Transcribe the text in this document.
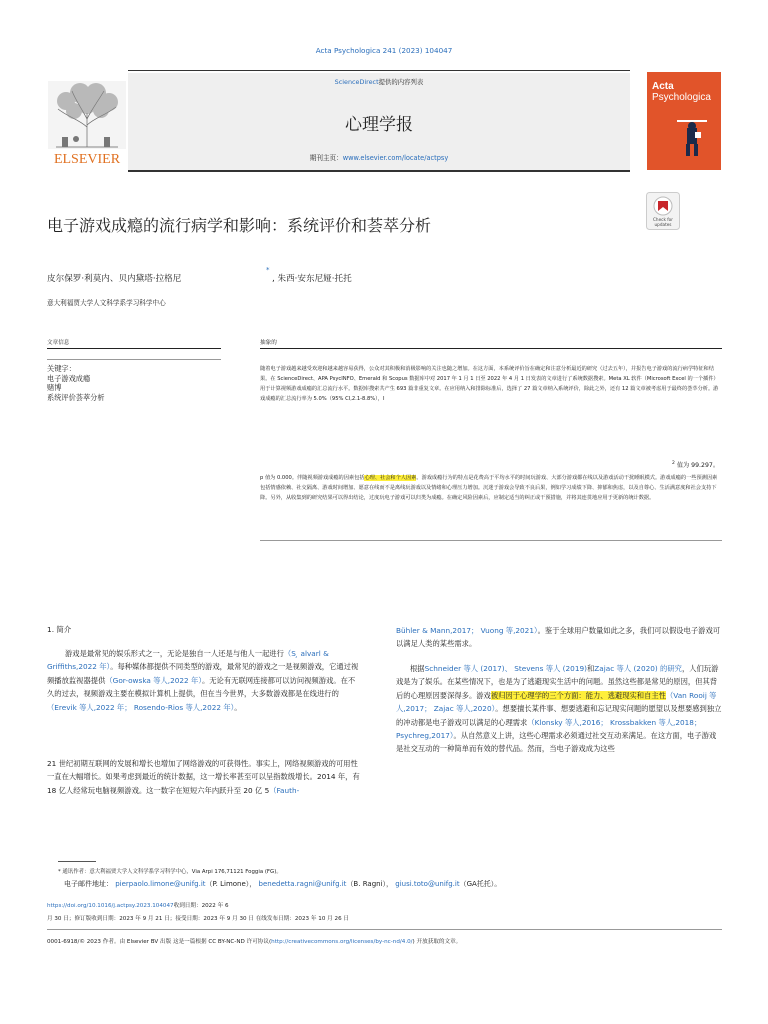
Acta Psychologica 241 (2023) 104047
ScienceDirect提供的内容列表
心理学报
期刊主页：www.elsevier.com/locate/actpsy
ELSEVIER
Acta
Psychologica
Check for
updates
电子游戏成瘾的流行病学和影响：系统评价和荟萃分析
皮尔保罗·利莫内、贝内黛塔·拉格尼
*
, 朱西·安东尼娅·托托
意大利福贾大学人文科学系学习科学中心
文章信息	抽象的
关键字：
电子游戏成瘾
赌博
系统评价荟萃分析
随着电子游戏越来越受欢迎和越来越容易获得，公众对其积极和消极影响的关注也随之增加。在这方面，本系统评价旨在确定和注意分析最近的研究（过去五年），并报告电子游戏的流行病学特征和结果。在 ScienceDirect、APA PsycINFO、Emerald 和 Scopus 数据库中对 2017 年 1 月 1 日至 2022 年 4 月 1 日发表的文章进行了系统数据搜索。Meta XL 软件（Microsoft Excel 的一个插件）用于计算视频游戏成瘾的汇总流行水平。数据库搜索共产生 693 篇非重复文章。在应用纳入和排除标准后，选择了 27 篇文章纳入系统评价，除此之外，还有 12 篇文章被考虑用于最终的荟萃分析。游戏成瘾的汇总流行率为 5.0%（95% CI,2.1-8.8%），I
$^2$ 值为 99.297。
p 值为 0.000。伴随视频游戏成瘾的因素包括心理、社会和个人因素。游戏成瘾行为的特点是花费高于平均水平的时间玩游戏、大部分游戏都在线以及游戏活动干扰睡眠模式。游戏成瘾的一些预测因素包括情感依赖、社交隔离、游戏时间增加、愿意在线而不是离线玩游戏以及情绪和心理压力增加。沉迷于游戏会导致不良后果，例如学习成绩下降、抑郁和焦虑，以及自尊心、生活满意度和社会支持下降。另外，从收集到的研究结果可以得出结论，过度玩电子游戏可以归类为成瘾。在确定风险因素后，应制定适当的纠正或干预措施，并将其连贯地应用于更新的统计数据。
1. 简介
游戏是最常见的娱乐形式之一，无论是独自一人还是与他人一起进行（S ̧ alvarl & Griffiths,2022 年）。每种媒体都提供不同类型的游戏，最常见的游戏之一是视频游戏，它通过视频播放监视器提供（Gor-owska 等人,2022 年）。无论有无联网连接都可以访问视频游戏。在不久的过去，视频游戏主要在模拟计算机上提供，但在当今世界，大多数游戏都是在线进行的（Erevik 等人,2022 年； Rosendo-Rios 等人,2022 年）。
21 世纪初期互联网的发展和增长也增加了网络游戏的可获得性。事实上，网络视频游戏的可用性一直在大幅增长。如果考虑到最近的统计数据，这一增长率甚至可以呈指数级增长。2014 年，有 18 亿人经常玩电脑视频游戏。这一数字在短短六年内跃升至 20 亿 5（Fauth-
Bühler & Mann,2017； Vuong 等,2021）。鉴于全球用户数量如此之多，我们可以假设电子游戏可以满足人类的某些需求。
根据Schneider 等人 (2017)、 Stevens 等人 (2019)和Zajac 等人 (2020) 的研究，人们玩游戏是为了娱乐。在某些情况下，也是为了逃避现实生活中的问题。虽然这些都是常见的原因，但其背后的心理原因要深得多。游戏被归因于心理学的三个方面：能力、逃避现实和自主性（Van Rooij 等人,2017； Zajac 等人,2020）。想要擅长某件事、想要逃避和忘记现实问题的愿望以及想要感到独立的冲动都是电子游戏可以满足的心理需求（Klonsky 等人,2016； Krossbakken 等人,2018； Psychreg,2017）。从自然意义上讲，这些心理需求必须通过社交互动来满足。在这方面，电子游戏是社交互动的一种简单而有效的替代品。然而，当电子游戏成为这些
* 通讯作者：意大利福贾大学人文科学系学习科学中心，Via Arpi 176,71121 Foggia (FG)。
电子邮件地址： pierpaolo.limone@unifg.it（P. Limone）， benedetta.ragni@unifg.it（B. Ragni）， giusi.toto@unifg.it（GA托托）。
https://doi.org/10.1016/j.actpsy.2023.104047收到日期：2022 年 6
月 30 日；修订版收到日期：2023 年 9 月 21 日；接受日期：2023 年 9 月 30 日 在线发布日期：2023 年 10 月 26 日
0001-6918/© 2023 作者。由 Elsevier BV 出版 这是一篇根据 CC BY-NC-ND 许可协议(http://creativecommons.org/licenses/by-nc-nd/4.0/) 开放获取的文章。
